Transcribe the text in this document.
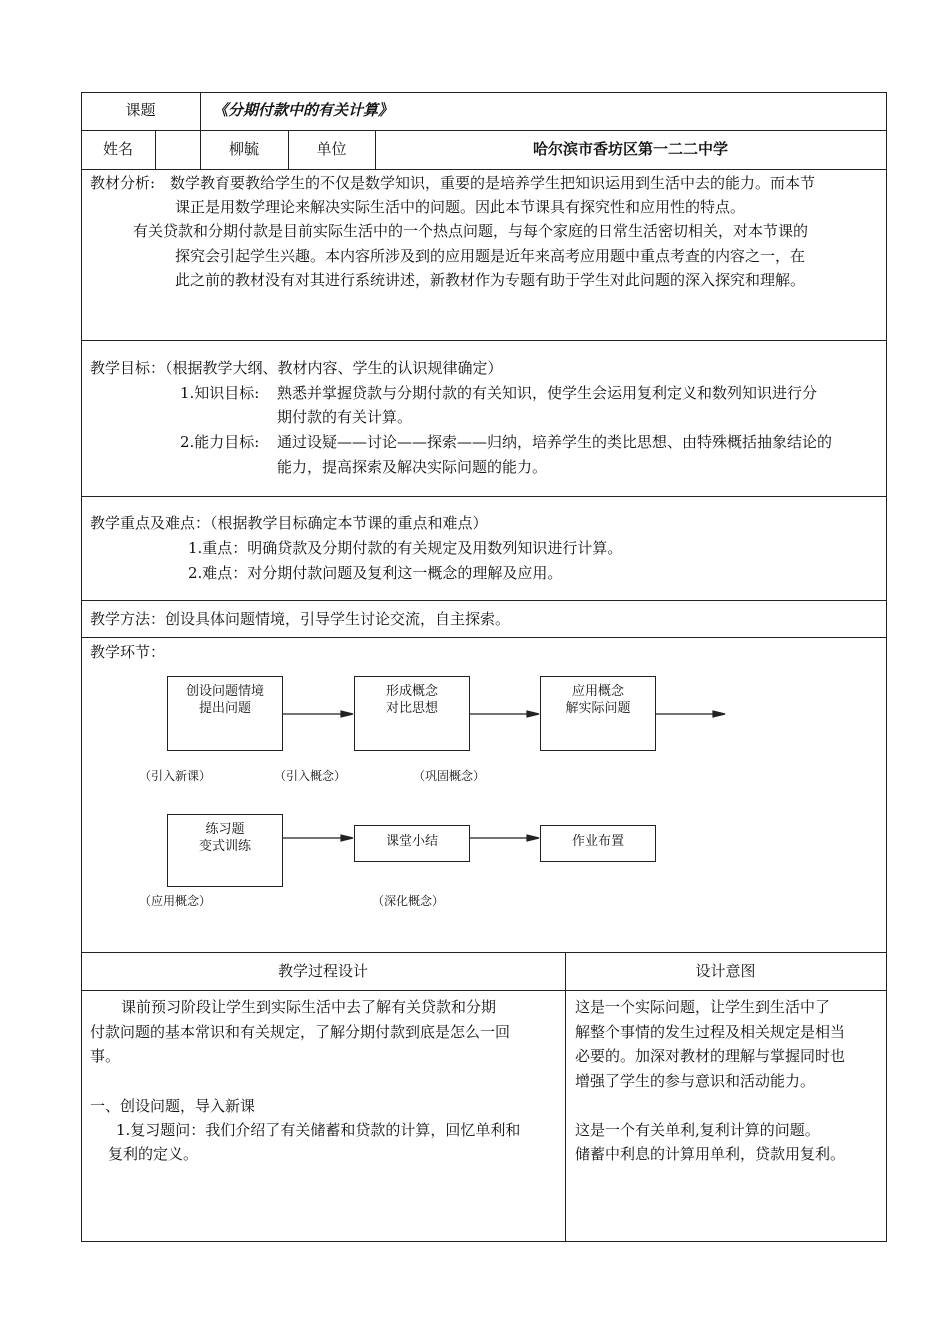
课题	《分期付款中的有关计算》
姓名	柳毓	单位	哈尔滨市香坊区第一二二中学
教材分析: 数学教育要教给学生的不仅是数学知识，重要的是培养学生把知识运用到生活中去的能力。而本节
课正是用数学理论来解决实际生活中的问题。因此本节课具有探究性和应用性的特点。
有关贷款和分期付款是目前实际生活中的一个热点问题，与每个家庭的日常生活密切相关，对本节课的
探究会引起学生兴趣。本内容所涉及到的应用题是近年来高考应用题中重点考查的内容之一，在
此之前的教材没有对其进行系统讲述，新教材作为专题有助于学生对此问题的深入探究和理解。
教学目标：（根据教学大纲、教材内容、学生的认识规律确定）
1.知识目标: 熟悉并掌握贷款与分期付款的有关知识，使学生会运用复利定义和数列知识进行分
期付款的有关计算。
2.能力目标: 通过设疑——讨论——探索——归纳，培养学生的类比思想、由特殊概括抽象结论的
能力，提高探索及解决实际问题的能力。
教学重点及难点：（根据教学目标确定本节课的重点和难点）
1.重点：明确贷款及分期付款的有关规定及用数列知识进行计算。
2.难点：对分期付款问题及复利这一概念的理解及应用。
教学方法：创设具体问题情境，引导学生讨论交流，自主探索。
教学环节：
创设问题情境
提出问题
形成概念
对比思想
应用概念
解实际问题
（引入新课）	（引入概念）	（巩固概念）
练习题
变式训练	课堂小结	作业布置
（应用概念）	（深化概念）
教学过程设计	设计意图
课前预习阶段让学生到实际生活中去了解有关贷款和分期
付款问题的基本常识和有关规定，了解分期付款到底是怎么一回
事。
一、创设问题，导入新课
1.复习题问：我们介绍了有关储蓄和贷款的计算，回忆单利和
复利的定义。
这是一个实际问题，让学生到生活中了
解整个事情的发生过程及相关规定是相当
必要的。加深对教材的理解与掌握同时也
增强了学生的参与意识和活动能力。
这是一个有关单利,复利计算的问题。
储蓄中利息的计算用单利，贷款用复利。
